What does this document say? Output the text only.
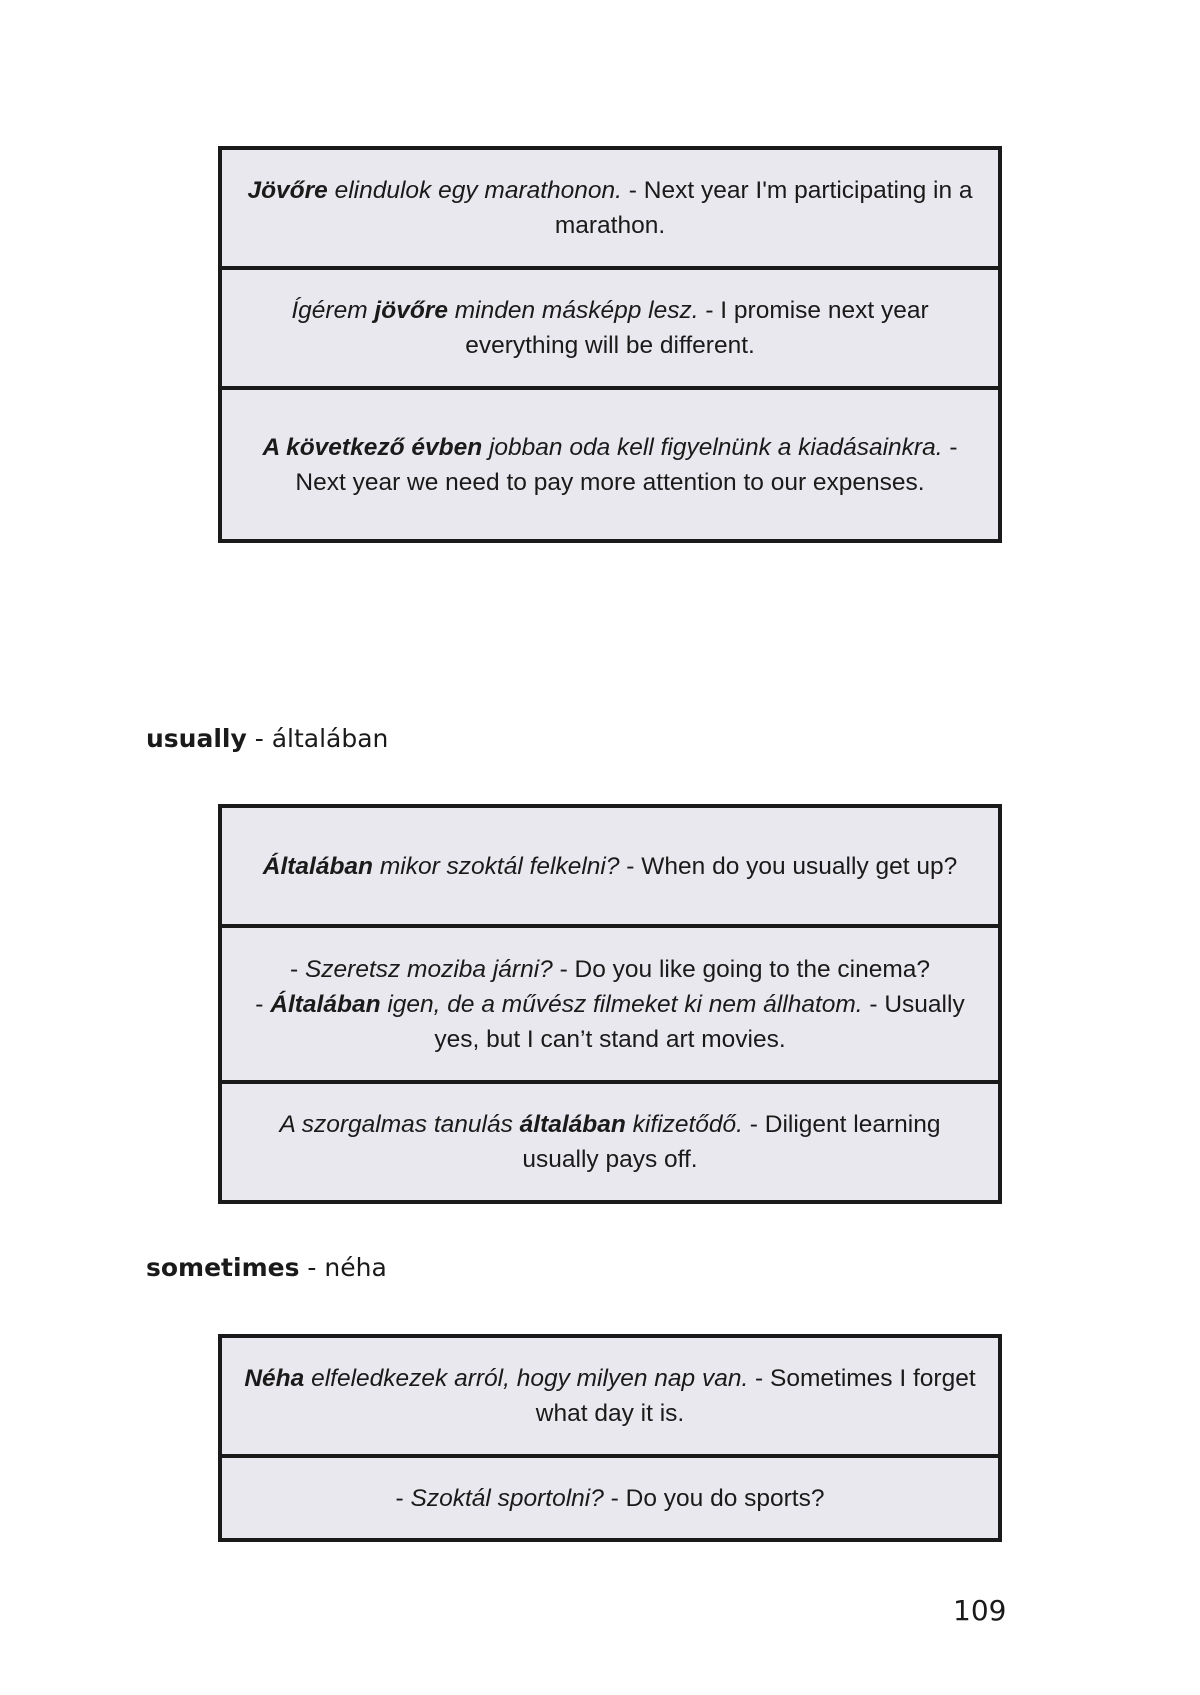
Jövőre elindulok egy marathonon. - Next year I'm participating in a marathon.

Ígérem jövőre minden másképp lesz. - I promise next year everything will be different.

A következő évben jobban oda kell figyelnünk a kiadásainkra. - Next year we need to pay more attention to our expenses.

usually - általában

Általában mikor szoktál felkelni? - When do you usually get up?

- Szeretsz moziba járni? - Do you like going to the cinema?
- Általában igen, de a művész filmeket ki nem állhatom. - Usually yes, but I can’t stand art movies.

A szorgalmas tanulás általában kifizetődő. - Diligent learning usually pays off.

sometimes - néha

Néha elfeledkezek arról, hogy milyen nap van. - Sometimes I forget what day it is.

- Szoktál sportolni? - Do you do sports?

109
